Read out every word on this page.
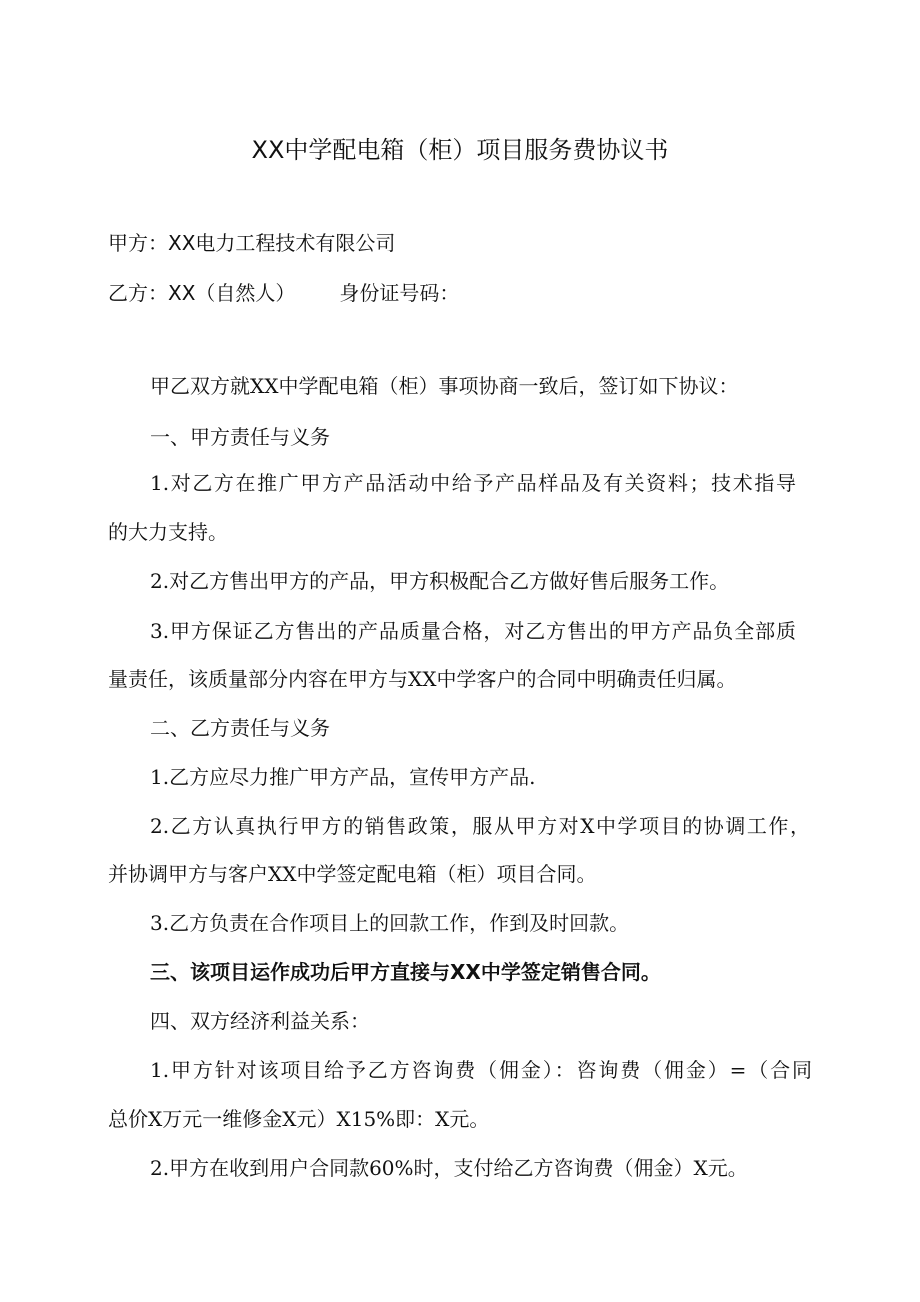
XX中学配电箱（柜）项目服务费协议书
甲方：XX电力工程技术有限公司
乙方：XX（自然人） 身份证号码：
甲乙双方就XX中学配电箱（柜）事项协商一致后，签订如下协议：
一、甲方责任与义务
1.对乙方在推广甲方产品活动中给予产品样品及有关资料；技术指导
的大力支持。
2.对乙方售出甲方的产品，甲方积极配合乙方做好售后服务工作。
3.甲方保证乙方售出的产品质量合格，对乙方售出的甲方产品负全部质
量责任，该质量部分内容在甲方与XX中学客户的合同中明确责任归属。
二、乙方责任与义务
1.乙方应尽力推广甲方产品，宣传甲方产品.
2.乙方认真执行甲方的销售政策，服从甲方对X中学项目的协调工作，
并协调甲方与客户XX中学签定配电箱（柜）项目合同。
3.乙方负责在合作项目上的回款工作，作到及时回款。
三、该项目运作成功后甲方直接与XX中学签定销售合同。
四、双方经济利益关系：
1.甲方针对该项目给予乙方咨询费（佣金）：咨询费（佣金）=（合同
总价X万元一维修金X元）X15%即：X元。
2.甲方在收到用户合同款60%时，支付给乙方咨询费（佣金）X元。
